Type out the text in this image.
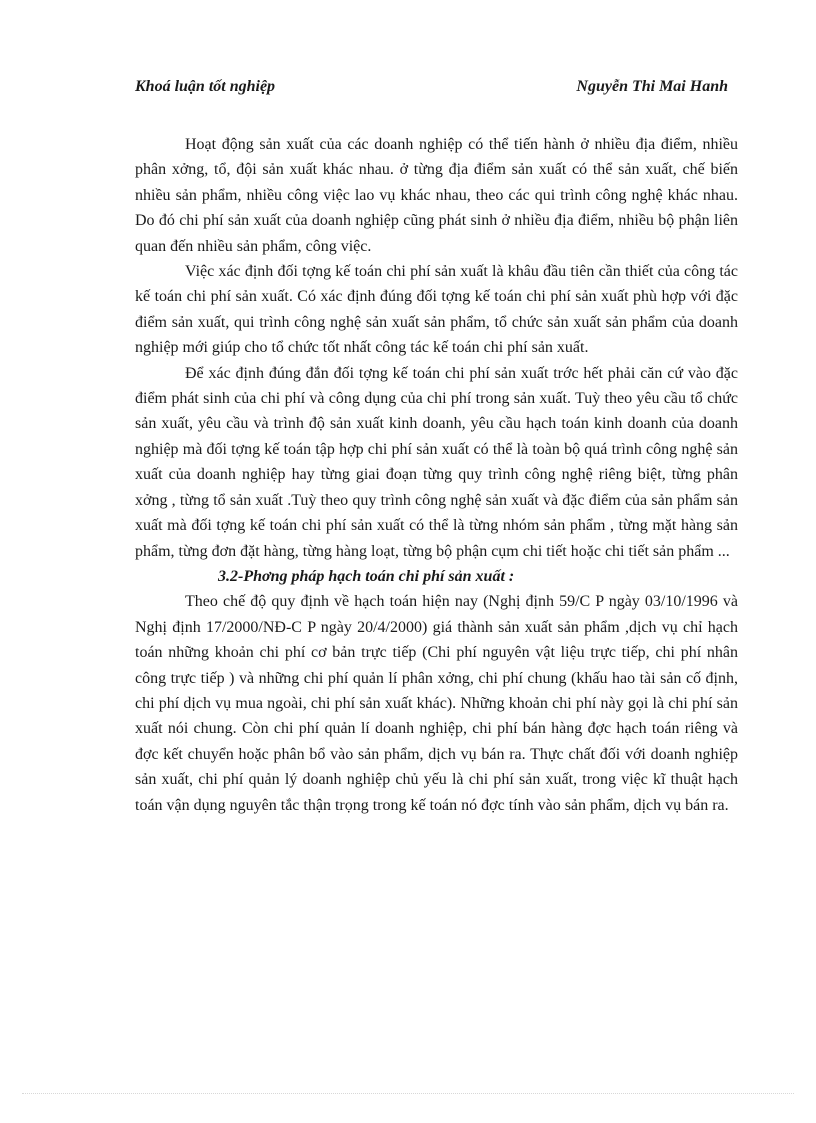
Khoá luận tốt nghiệp	Nguyễn Thi Mai Hanh

Hoạt động sản xuất của các doanh nghiệp có thể tiến hành ở nhiều địa điểm, nhiều phân xởng, tổ, đội sản xuất khác nhau. ở từng địa điểm sản xuất có thể sản xuất, chế biến nhiều sản phẩm, nhiều công việc lao vụ khác nhau, theo các qui trình công nghệ khác nhau. Do đó chi phí sản xuất của doanh nghiệp cũng phát sinh ở nhiều địa điểm, nhiều bộ phận liên quan đến nhiều sản phẩm, công việc.

Việc xác định đối tợng kế toán chi phí sản xuất là khâu đầu tiên cần thiết của công tác kế toán chi phí sản xuất. Có xác định đúng đối tợng kế toán chi phí sản xuất phù hợp với đặc điểm sản xuất, qui trình công nghệ sản xuất sản phẩm, tổ chức sản xuất sản phẩm của doanh nghiệp mới giúp cho tổ chức tốt nhất công tác kế toán chi phí sản xuất.

Để xác định đúng đắn đối tợng kế toán chi phí sản xuất trớc hết phải căn cứ vào đặc điểm phát sinh của chi phí và công dụng của chi phí trong sản xuất. Tuỳ theo yêu cầu tổ chức sản xuất, yêu cầu và trình độ sản xuất kinh doanh, yêu cầu hạch toán kinh doanh của doanh nghiệp mà đối tợng kế toán tập hợp chi phí sản xuất có thể là toàn bộ quá trình công nghệ sản xuất của doanh nghiệp hay từng giai đoạn từng quy trình công nghệ riêng biệt, từng phân xởng , từng tổ sản xuất .Tuỳ theo quy trình công nghệ sản xuất và đặc điểm của sản phẩm sản xuất mà đối tợng kế toán chi phí sản xuất có thể là từng nhóm sản phẩm , từng mặt hàng sản phẩm, từng đơn đặt hàng, từng hàng loạt, từng bộ phận cụm chi tiết hoặc chi tiết sản phẩm ...

3.2-Phơng pháp hạch toán chi phí sản xuất :

Theo chế độ quy định về hạch toán hiện nay (Nghị định 59/C P ngày 03/10/1996 và Nghị định 17/2000/NĐ-C P ngày 20/4/2000) giá thành sản xuất sản phẩm ,dịch vụ chỉ hạch toán những khoản chi phí cơ bản trực tiếp (Chi phí nguyên vật liệu trực tiếp, chi phí nhân công trực tiếp ) và những chi phí quản lí phân xởng, chi phí chung (khấu hao tài sản cố định, chi phí dịch vụ mua ngoài, chi phí sản xuất khác). Những khoản chi phí này gọi là chi phí sản xuất nói chung. Còn chi phí quản lí doanh nghiệp, chi phí bán hàng đợc hạch toán riêng và đợc kết chuyển hoặc phân bổ vào sản phẩm, dịch vụ bán ra. Thực chất đối với doanh nghiệp sản xuất, chi phí quản lý doanh nghiệp chủ yếu là chi phí sản xuất, trong việc kĩ thuật hạch toán vận dụng nguyên tắc thận trọng trong kế toán nó đợc tính vào sản phẩm, dịch vụ bán ra.
